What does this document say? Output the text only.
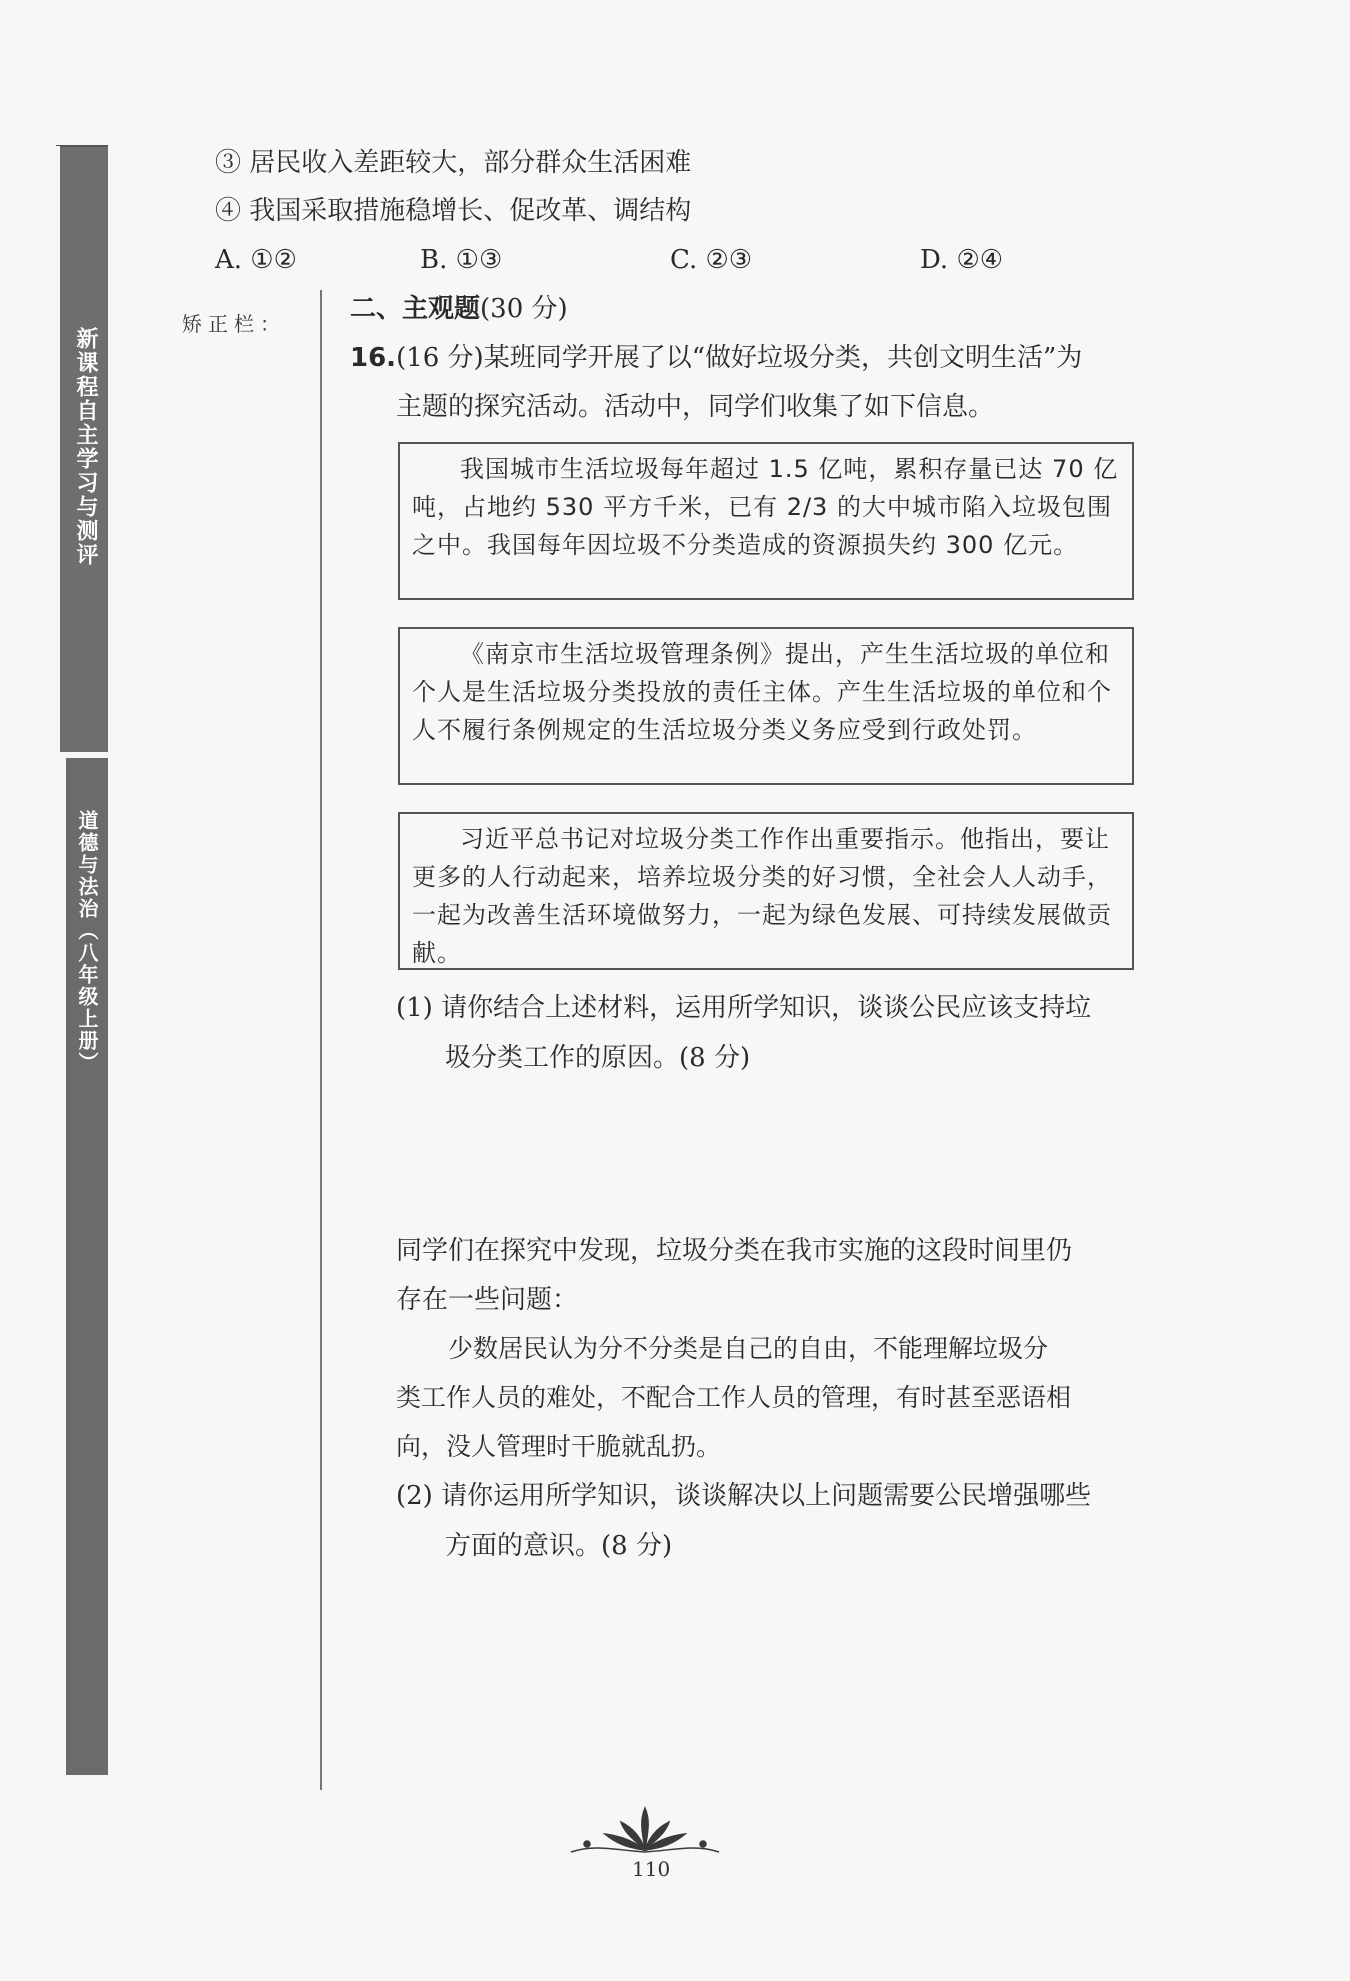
新课程自主学习与测评
道德与法治（八年级上册）
矫正栏：
③ 居民收入差距较大，部分群众生活困难
④ 我国采取措施稳增长、促改革、调结构
A. ①②	B. ①③	C. ②③	D. ②④
二、主观题(30 分)
16.(16 分)某班同学开展了以“做好垃圾分类，共创文明生活”为
主题的探究活动。活动中，同学们收集了如下信息。
我国城市生活垃圾每年超过 1.5 亿吨，累积存量已达 70 亿吨，占地约 530 平方千米，已有 2/3 的大中城市陷入垃圾包围之中。我国每年因垃圾不分类造成的资源损失约 300 亿元。
《南京市生活垃圾管理条例》提出，产生生活垃圾的单位和个人是生活垃圾分类投放的责任主体。产生生活垃圾的单位和个人不履行条例规定的生活垃圾分类义务应受到行政处罚。
习近平总书记对垃圾分类工作作出重要指示。他指出，要让更多的人行动起来，培养垃圾分类的好习惯，全社会人人动手，一起为改善生活环境做努力，一起为绿色发展、可持续发展做贡献。
(1) 请你结合上述材料，运用所学知识，谈谈公民应该支持垃
圾分类工作的原因。(8 分)
同学们在探究中发现，垃圾分类在我市实施的这段时间里仍
存在一些问题：
少数居民认为分不分类是自己的自由，不能理解垃圾分
类工作人员的难处，不配合工作人员的管理，有时甚至恶语相
向，没人管理时干脆就乱扔。
(2) 请你运用所学知识，谈谈解决以上问题需要公民增强哪些
方面的意识。(8 分)
110
